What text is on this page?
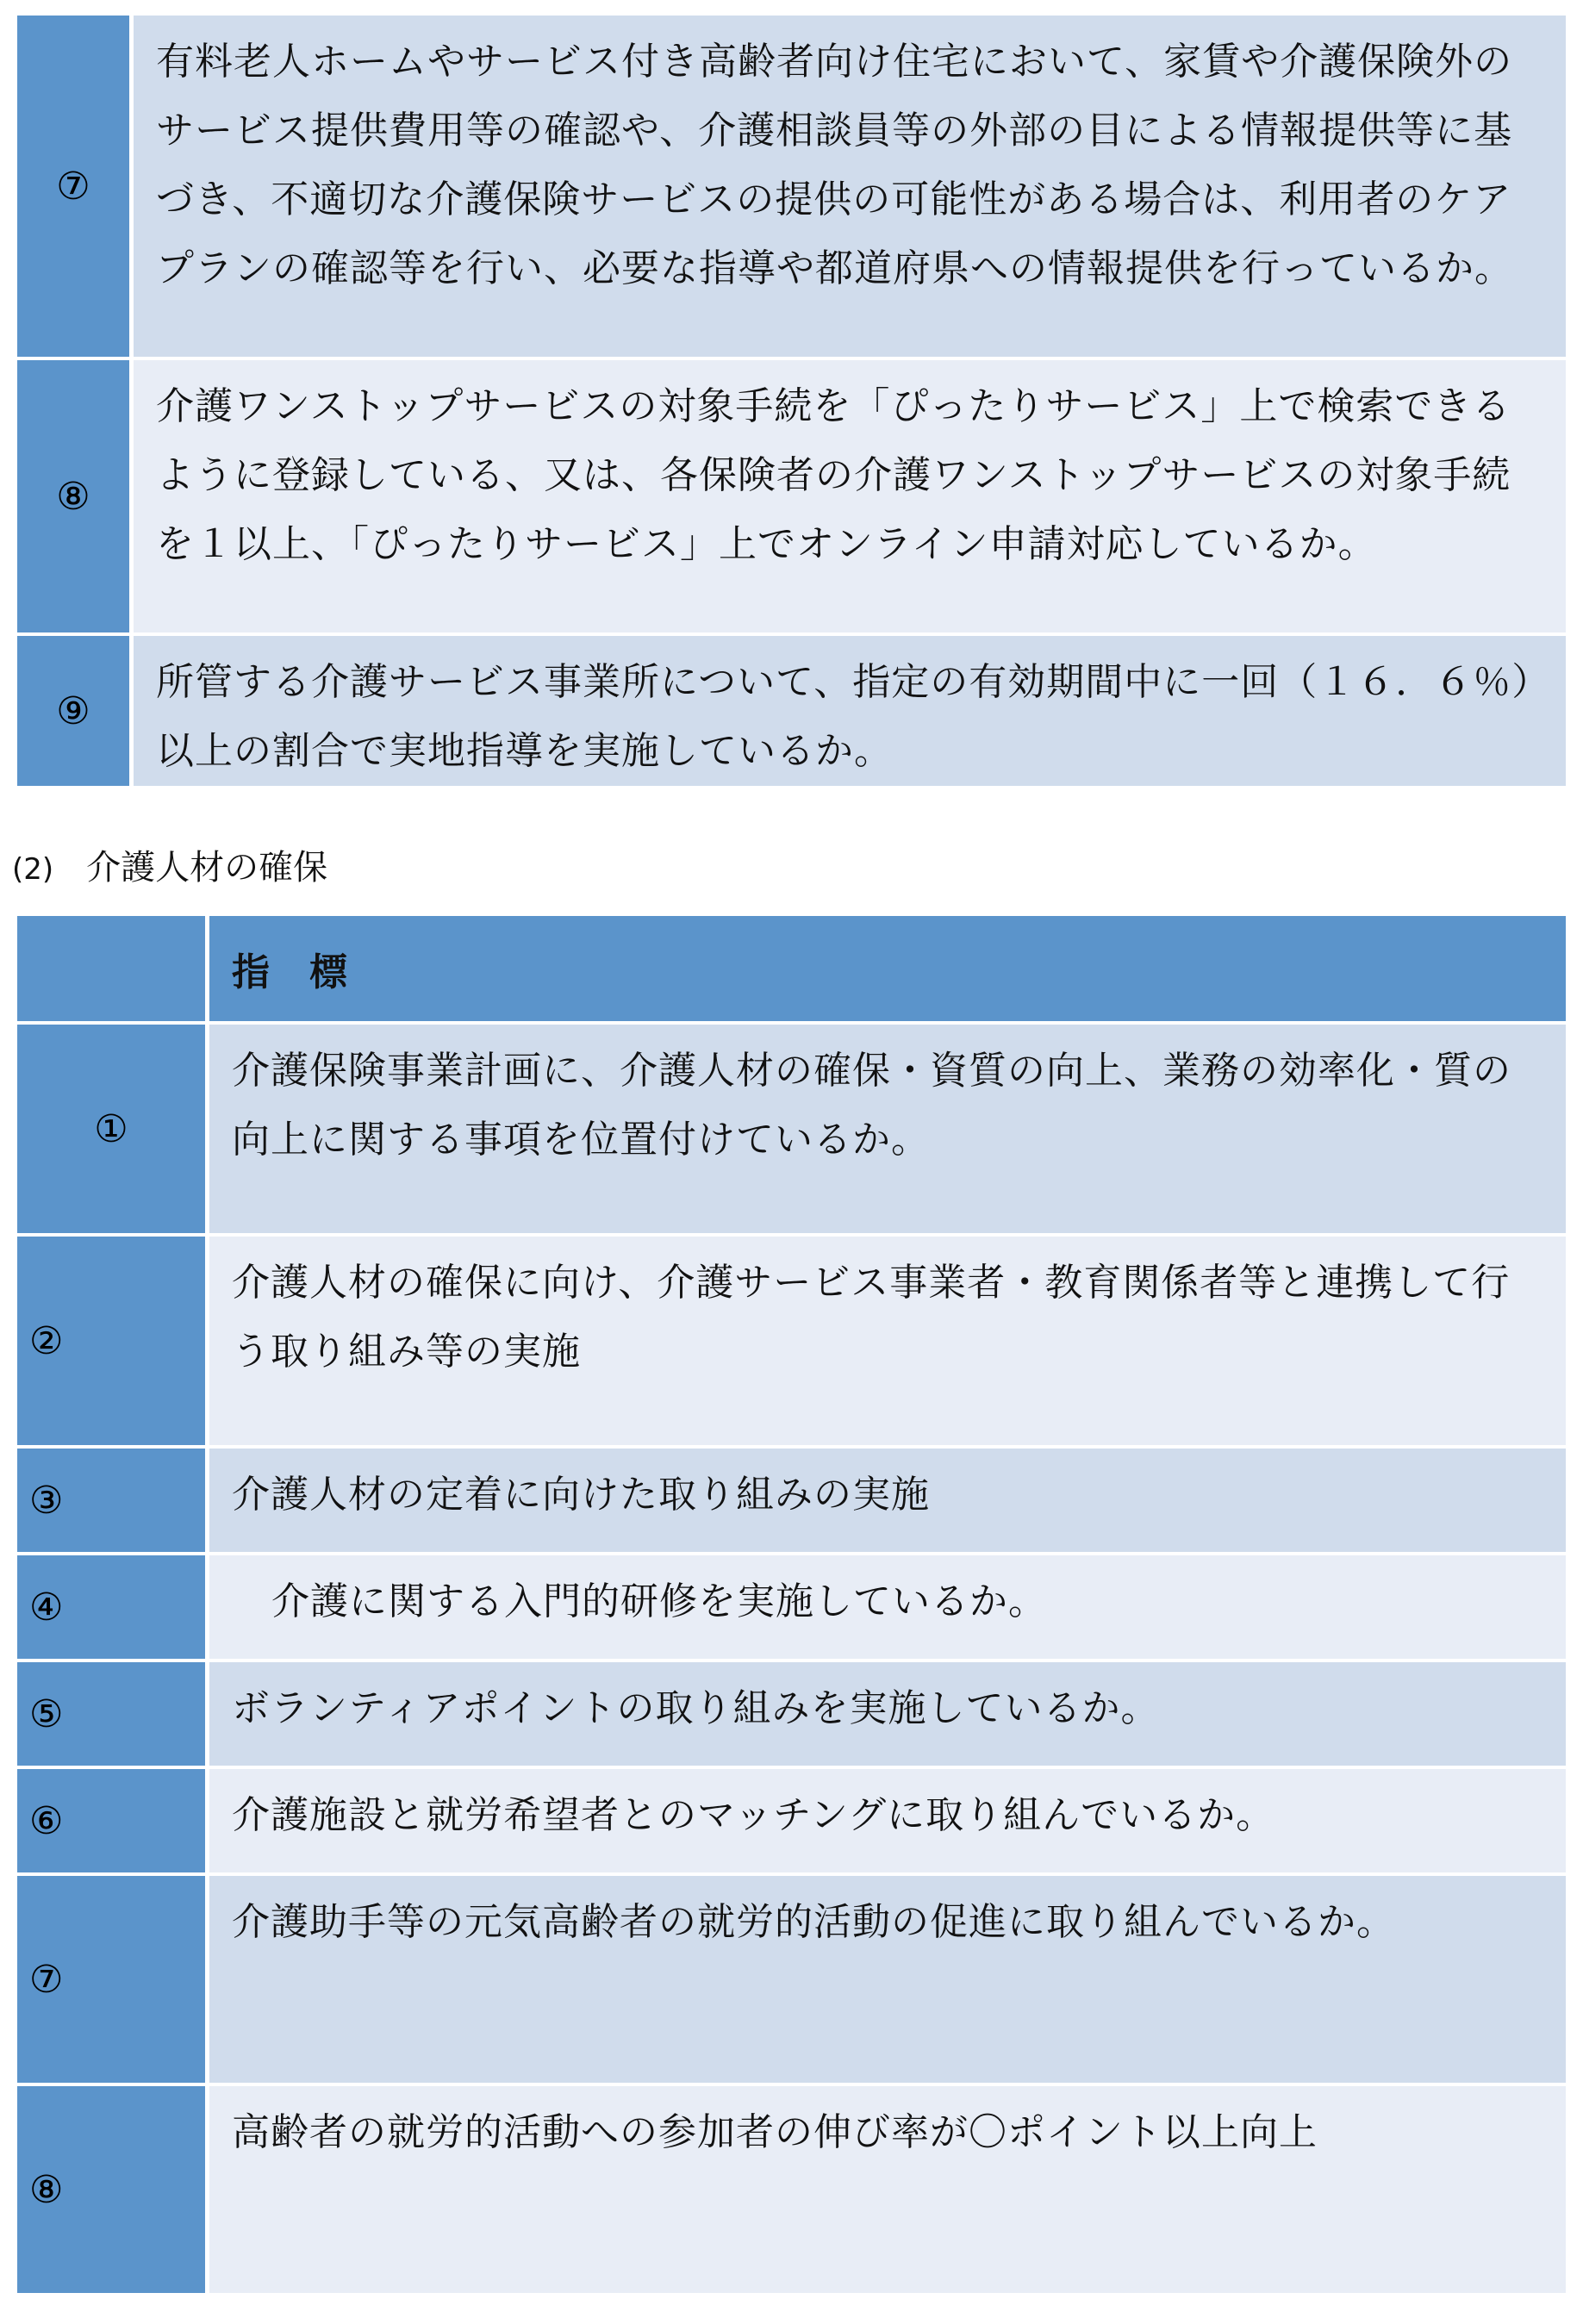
⑦		有料老人ホームやサービス付き高齢者向け住宅において、家賃や介護保険外のサービス提供費用等の確認や、介護相談員等の外部の目による情報提供等に基づき、不適切な介護保険サービスの提供の可能性がある場合は、利用者のケアプランの確認等を行い、必要な指導や都道府県への情報提供を行っているか。

⑧		介護ワンストップサービスの対象手続を「ぴったりサービス」上で検索できるように登録している、又は、各保険者の介護ワンストップサービスの対象手続を１以上、「ぴったりサービス」上でオンライン申請対応しているか。

⑨		所管する介護サービス事業所について、指定の有効期間中に一回（１６．６％）以上の割合で実地指導を実施しているか。
(2) 介護人材の確保
		指　標

①		介護保険事業計画に、介護人材の確保・資質の向上、業務の効率化・質の向上に関する事項を位置付けているか。

②		介護人材の確保に向け、介護サービス事業者・教育関係者等と連携して行う取り組み等の実施

③		介護人材の定着に向けた取り組みの実施

④		介護に関する入門的研修を実施しているか。

⑤		ボランティアポイントの取り組みを実施しているか。

⑥		介護施設と就労希望者とのマッチングに取り組んでいるか。

⑦		介護助手等の元気高齢者の就労的活動の促進に取り組んでいるか。

⑧		高齢者の就労的活動への参加者の伸び率が〇ポイント以上向上
